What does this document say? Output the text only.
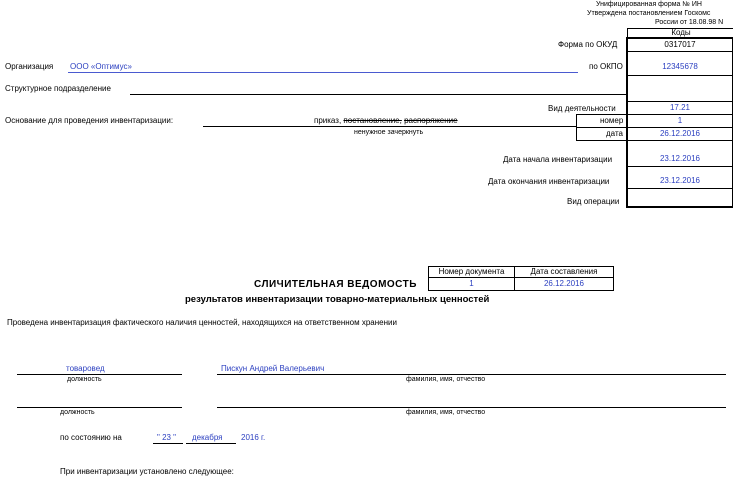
Унифицированная форма № ИН
Утверждена постановлением Госкомс
России от 18.08.98 N
Коды
Форма по ОКУД	0317017
по ОКПО	12345678
Вид деятельности	17.21
номер	1
дата	26.12.2016
Дата начала инвентаризации	23.12.2016
Дата окончания инвентаризации	23.12.2016
Вид операции
Организация ООО «Оптимус»
Структурное подразделение
Основание для проведения инвентаризации:	приказ, постановление, распоряжение
ненужное зачеркнуть
Номер документа	Дата составления
1	26.12.2016
СЛИЧИТЕЛЬНАЯ ВЕДОМОСТЬ
результатов инвентаризации товарно-материальных ценностей
Проведена инвентаризация фактического наличия ценностей, находящихся на ответственном хранении
товаровед	Пискун Андрей Валерьевич
должность	фамилия, имя, отчество
должность	фамилия, имя, отчество
по состоянию на	" 23 " декабря 2016 г.
При инвентаризации установлено следующее:
